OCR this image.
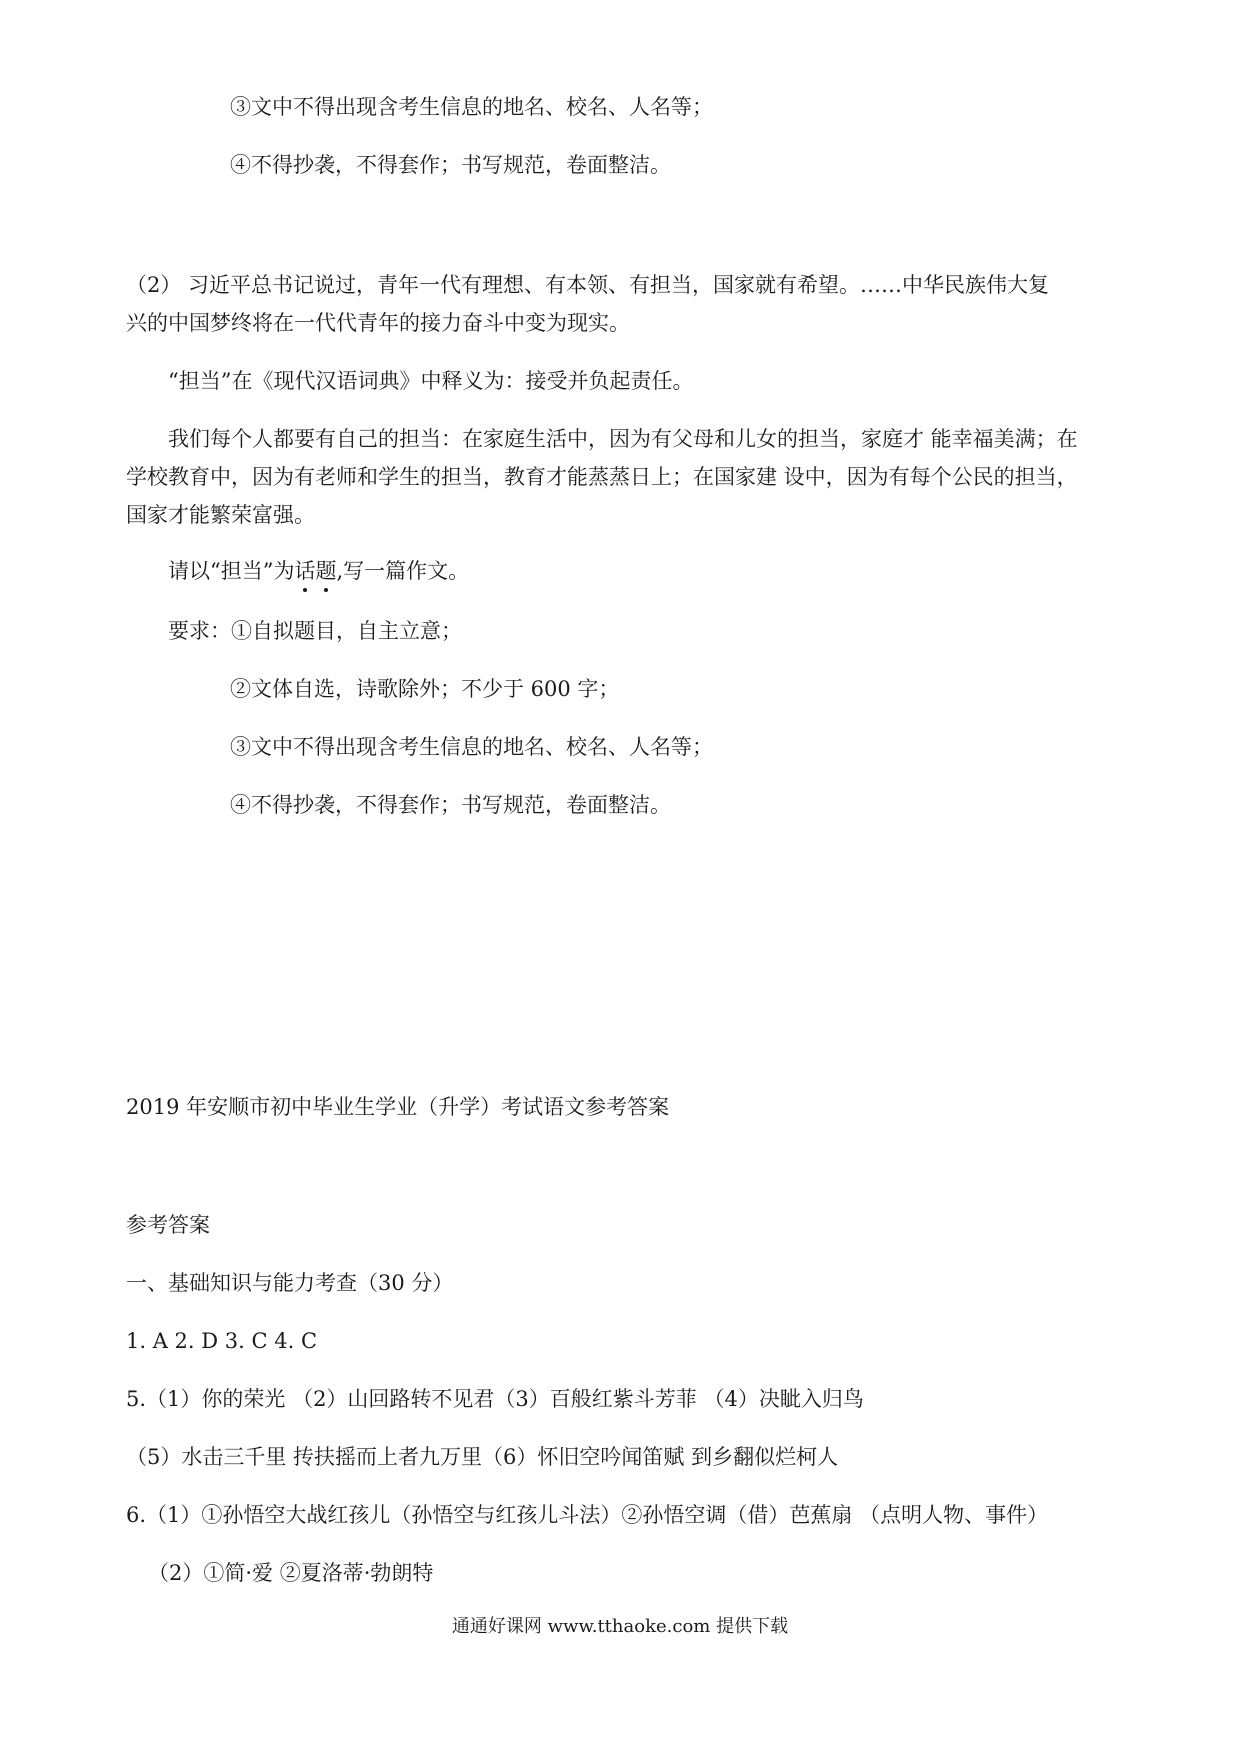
③文中不得出现含考生信息的地名、校名、人名等；
④不得抄袭，不得套作；书写规范，卷面整洁。
（2） 习近平总书记说过，青年一代有理想、有本领、有担当，国家就有希望。……中华民族伟大复
兴的中国梦终将在一代代青年的接力奋斗中变为现实。
“担当”在《现代汉语词典》中释义为：接受并负起责任。
我们每个人都要有自己的担当：在家庭生活中，因为有父母和儿女的担当，家庭才 能幸福美满；在
学校教育中，因为有老师和学生的担当，教育才能蒸蒸日上；在国家建 设中，因为有每个公民的担当，
国家才能繁荣富强。
请以“担当”为话题,写一篇作文。
要求：①自拟题目，自主立意；
②文体自选，诗歌除外；不少于 600 字；
③文中不得出现含考生信息的地名、校名、人名等；
④不得抄袭，不得套作；书写规范，卷面整洁。
2019 年安顺市初中毕业生学业（升学）考试语文参考答案
参考答案
一、基础知识与能力考查（30 分）
1. A 2. D 3. C 4. C
5.（1）你的荣光 （2）山回路转不见君（3）百般红紫斗芳菲 （4）决眦入归鸟
（5）水击三千里 抟扶摇而上者九万里（6）怀旧空吟闻笛赋 到乡翻似烂柯人
6.（1）①孙悟空大战红孩儿（孙悟空与红孩儿斗法）②孙悟空调（借）芭蕉扇 （点明人物、事件）
（2）①简·爱 ②夏洛蒂·勃朗特
通通好课网 www.tthaoke.com 提供下载
